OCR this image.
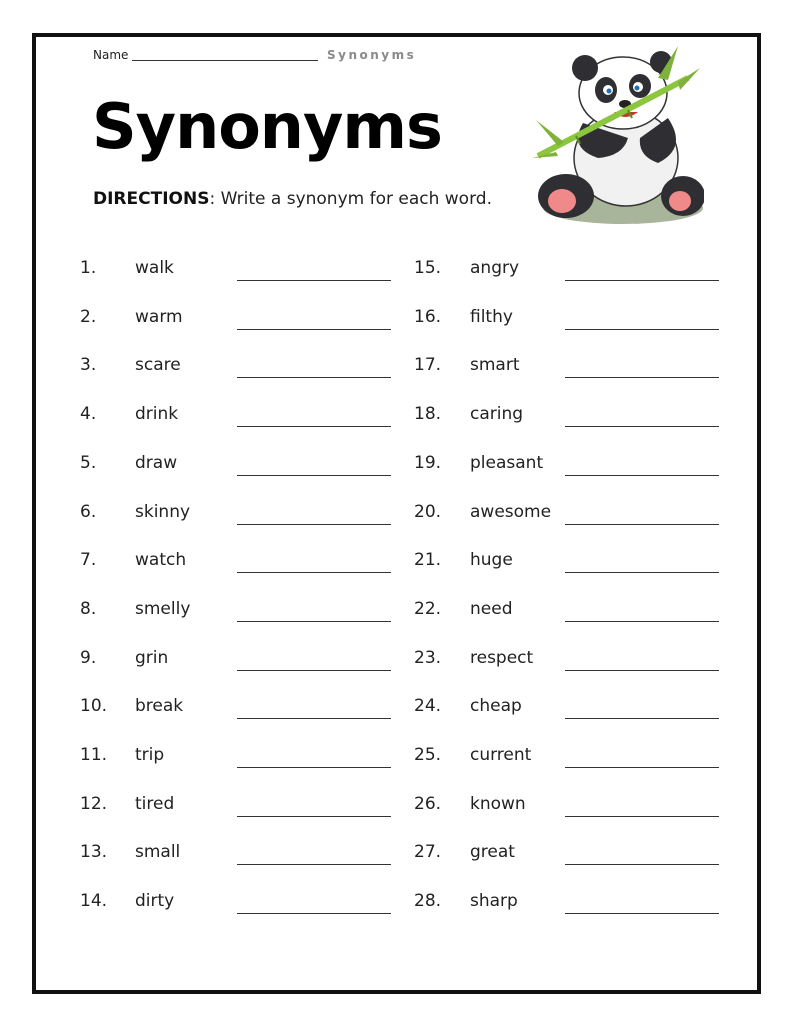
Name	Synonyms
Synonyms
DIRECTIONS: Write a synonym for each word.
1. walk
2. warm
3. scare
4. drink
5. draw
6. skinny
7. watch
8. smelly
9. grin
10. break
11. trip
12. tired
13. small
14. dirty
15. angry
16. filthy
17. smart
18. caring
19. pleasant
20. awesome
21. huge
22. need
23. respect
24. cheap
25. current
26. known
27. great
28. sharp
